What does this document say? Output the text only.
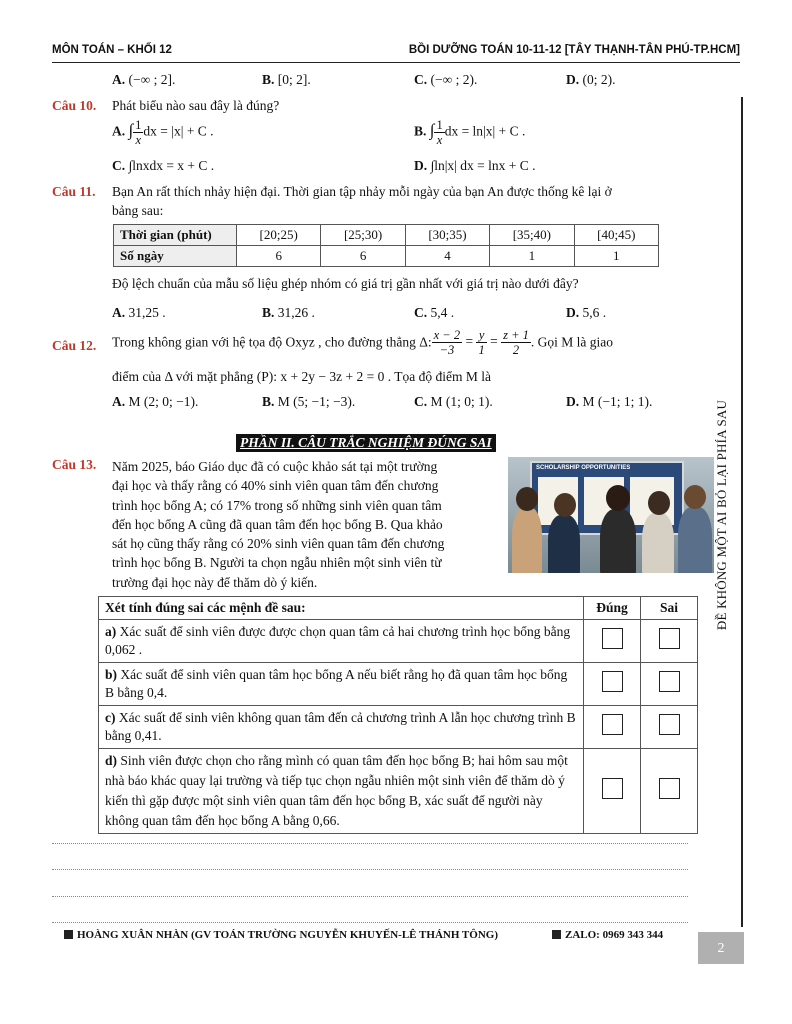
MÔN TOÁN – KHỐI 12	BỒI DƯỠNG TOÁN 10-11-12 [TÂY THẠNH-TÂN PHÚ-TP.HCM]
ĐỀ KHÔNG MỘT AI BỎ LẠI PHÍA SAU
A. (−∞ ; 2].	B. [0; 2].	C. (−∞ ; 2).	D. (0; 2).
Câu 10. Phát biểu nào sau đây là đúng?
A. ∫ $\frac{1}{x}$ dx = |x| + C .	B. ∫ $\frac{1}{x}$ dx = ln|x| + C .
C. ∫lnxdx = x + C .	D. ∫ln|x| dx = lnx + C .
Câu 11. Bạn An rất thích nhảy hiện đại. Thời gian tập nhảy mỗi ngày của bạn An được thống kê lại ở
bảng sau:
Thời gian (phút)	[20;25)	[25;30)	[30;35)	[35;40)	[40;45)
Số ngày	6	6	4	1	1
Độ lệch chuẩn của mẫu số liệu ghép nhóm có giá trị gần nhất với giá trị nào dưới đây?
A. 31,25 .	B. 31,26 .	C. 5,4 .	D. 5,6 .
Câu 12. Trong không gian với hệ tọa độ Oxyz , cho đường thẳng Δ: $\frac{x - 2}{-3} = \frac{y}{1} = \frac{z + 1}{2}$ . Gọi M là giao
điểm của Δ với mặt phẳng (P): x + 2y − 3z + 2 = 0 . Tọa độ điểm M là
A. M (2; 0; −1).	B. M (5; −1; −3).	C. M (1; 0; 1).	D. M (−1; 1; 1).
PHẦN II. CÂU TRẮC NGHIỆM ĐÚNG SAI
Câu 13. Năm 2025, báo Giáo dục đã có cuộc khảo sát tại một trường
đại học và thấy rằng có 40% sinh viên quan tâm đến chương
trình học bổng A; có 17% trong số những sinh viên quan tâm
đến học bổng A cũng đã quan tâm đến học bổng B. Qua khảo
sát họ cũng thấy rằng có 20% sinh viên quan tâm đến chương
trình học bổng B. Người ta chọn ngẫu nhiên một sinh viên từ
trường đại học này để thăm dò ý kiến.
SCHOLARSHIP OPPORTUNITIES
	Xét tính đúng sai các mệnh đề sau:	Đúng	Sai
	a) Xác suất để sinh viên được được chọn quan tâm cả hai chương trình học bổng bằng 0,062 .		
	b) Xác suất để sinh viên quan tâm học bổng A nếu biết rằng họ đã quan tâm học bổng B bằng 0,4.		
	c) Xác suất để sinh viên không quan tâm đến cả chương trình A lẫn học chương trình B bằng 0,41.		
	d) Sinh viên được chọn cho rằng mình có quan tâm đến học bổng B; hai hôm sau một nhà báo khác quay lại trường và tiếp tục chọn ngẫu nhiên một sinh viên để thăm dò ý kiến thì gặp được một sinh viên quan tâm đến học bổng B, xác suất để người này không quan tâm đến học bổng A bằng 0,66.		
HOÀNG XUÂN NHÀN (GV TOÁN TRƯỜNG NGUYỄN KHUYẾN-LÊ THÁNH TÔNG)	ZALO: 0969 343 344
2
